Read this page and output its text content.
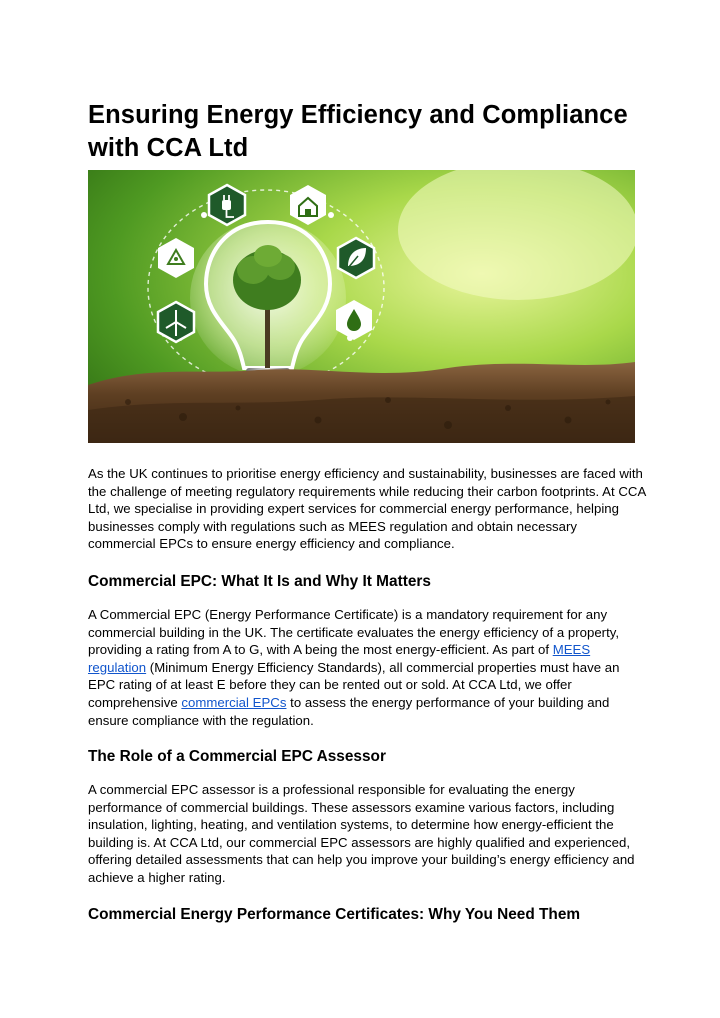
Ensuring Energy Efficiency and Compliance with CCA Ltd

As the UK continues to prioritise energy efficiency and sustainability, businesses are faced with the challenge of meeting regulatory requirements while reducing their carbon footprints. At CCA Ltd, we specialise in providing expert services for commercial energy performance, helping businesses comply with regulations such as MEES regulation and obtain necessary commercial EPCs to ensure energy efficiency and compliance.

Commercial EPC: What It Is and Why It Matters

A Commercial EPC (Energy Performance Certificate) is a mandatory requirement for any commercial building in the UK. The certificate evaluates the energy efficiency of a property, providing a rating from A to G, with A being the most energy-efficient. As part of MEES regulation (Minimum Energy Efficiency Standards), all commercial properties must have an EPC rating of at least E before they can be rented out or sold. At CCA Ltd, we offer comprehensive commercial EPCs to assess the energy performance of your building and ensure compliance with the regulation.

The Role of a Commercial EPC Assessor

A commercial EPC assessor is a professional responsible for evaluating the energy performance of commercial buildings. These assessors examine various factors, including insulation, lighting, heating, and ventilation systems, to determine how energy-efficient the building is. At CCA Ltd, our commercial EPC assessors are highly qualified and experienced, offering detailed assessments that can help you improve your building’s energy efficiency and achieve a higher rating.

Commercial Energy Performance Certificates: Why You Need Them
